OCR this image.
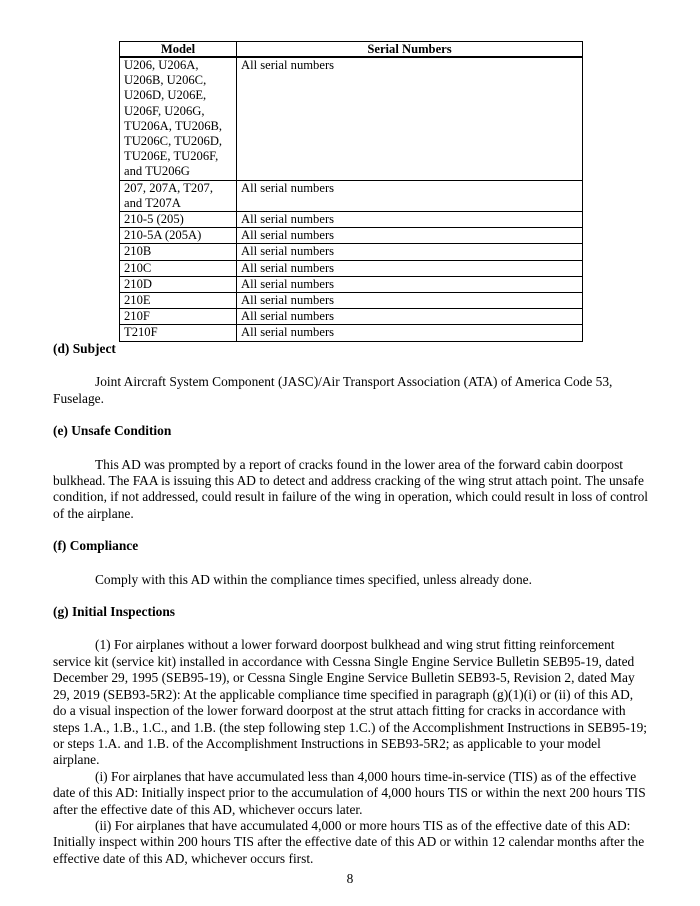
Model	Serial Numbers
U206, U206A, U206B, U206C, U206D, U206E, U206F, U206G, TU206A, TU206B, TU206C, TU206D, TU206E, TU206F, and TU206G	All serial numbers
207, 207A, T207, and T207A	All serial numbers
210-5 (205)	All serial numbers
210-5A (205A)	All serial numbers
210B	All serial numbers
210C	All serial numbers
210D	All serial numbers
210E	All serial numbers
210F	All serial numbers
T210F	All serial numbers

(d) Subject

Joint Aircraft System Component (JASC)/Air Transport Association (ATA) of America Code 53, Fuselage.

(e) Unsafe Condition

This AD was prompted by a report of cracks found in the lower area of the forward cabin doorpost bulkhead. The FAA is issuing this AD to detect and address cracking of the wing strut attach point. The unsafe condition, if not addressed, could result in failure of the wing in operation, which could result in loss of control of the airplane.

(f) Compliance

Comply with this AD within the compliance times specified, unless already done.

(g) Initial Inspections

(1) For airplanes without a lower forward doorpost bulkhead and wing strut fitting reinforcement service kit (service kit) installed in accordance with Cessna Single Engine Service Bulletin SEB95-19, dated December 29, 1995 (SEB95-19), or Cessna Single Engine Service Bulletin SEB93-5, Revision 2, dated May 29, 2019 (SEB93-5R2): At the applicable compliance time specified in paragraph (g)(1)(i) or (ii) of this AD, do a visual inspection of the lower forward doorpost at the strut attach fitting for cracks in accordance with steps 1.A., 1.B., 1.C., and 1.B. (the step following step 1.C.) of the Accomplishment Instructions in SEB95-19; or steps 1.A. and 1.B. of the Accomplishment Instructions in SEB93-5R2; as applicable to your model airplane.

(i) For airplanes that have accumulated less than 4,000 hours time-in-service (TIS) as of the effective date of this AD: Initially inspect prior to the accumulation of 4,000 hours TIS or within the next 200 hours TIS after the effective date of this AD, whichever occurs later.

(ii) For airplanes that have accumulated 4,000 or more hours TIS as of the effective date of this AD: Initially inspect within 200 hours TIS after the effective date of this AD or within 12 calendar months after the effective date of this AD, whichever occurs first.

8
